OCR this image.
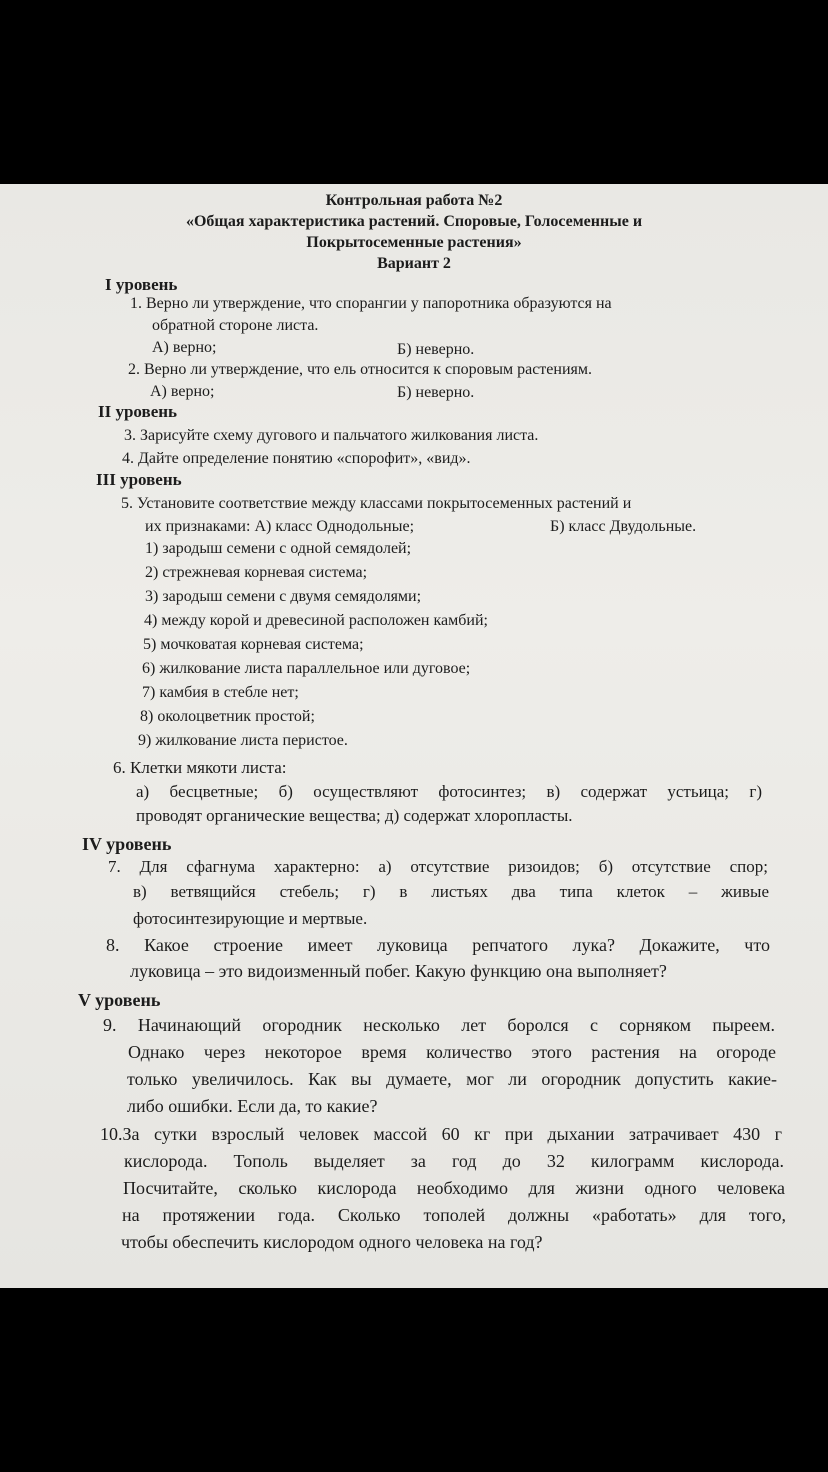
Контрольная работа №2
«Общая характеристика растений. Споровые, Голосеменные и
Покрытосеменные растения»
Вариант 2
I уровень
1. Верно ли утверждение, что спорангии у папоротника образуются на
обратной стороне листа.
А) верно;	Б) неверно.
2. Верно ли утверждение, что ель относится к споровым растениям.
А) верно;	Б) неверно.
II уровень
3. Зарисуйте схему дугового и пальчатого жилкования листа.
4. Дайте определение понятию «спорофит», «вид».
III уровень
5. Установите соответствие между классами покрытосеменных растений и
их признаками: А) класс Однодольные;	Б) класс Двудольные.
1) зародыш семени с одной семядолей;
2) стрежневая корневая система;
3) зародыш семени с двумя семядолями;
4) между корой и древесиной расположен камбий;
5) мочковатая корневая система;
6) жилкование листа параллельное или дуговое;
7) камбия в стебле нет;
8) околоцветник простой;
9) жилкование листа перистое.
6. Клетки мякоти листа:
а) бесцветные; б) осуществляют фотосинтез; в) содержат устьица; г)
проводят органические вещества; д) содержат хлоропласты.
IV уровень
7. Для сфагнума характерно: а) отсутствие ризоидов; б) отсутствие спор;
в) ветвящийся стебель; г) в листьях два типа клеток – живые
фотосинтезирующие и мертвые.
8. Какое строение имеет луковица репчатого лука? Докажите, что
луковица – это видоизменный побег. Какую функцию она выполняет?
V уровень
9. Начинающий огородник несколько лет боролся с сорняком пыреем.
Однако через некоторое время количество этого растения на огороде
только увеличилось. Как вы думаете, мог ли огородник допустить какие-
либо ошибки. Если да, то какие?
10.За сутки взрослый человек массой 60 кг при дыхании затрачивает 430 г
кислорода. Тополь выделяет за год до 32 килограмм кислорода.
Посчитайте, сколько кислорода необходимо для жизни одного человека
на протяжении года. Сколько тополей должны «работать» для того,
чтобы обеспечить кислородом одного человека на год?
